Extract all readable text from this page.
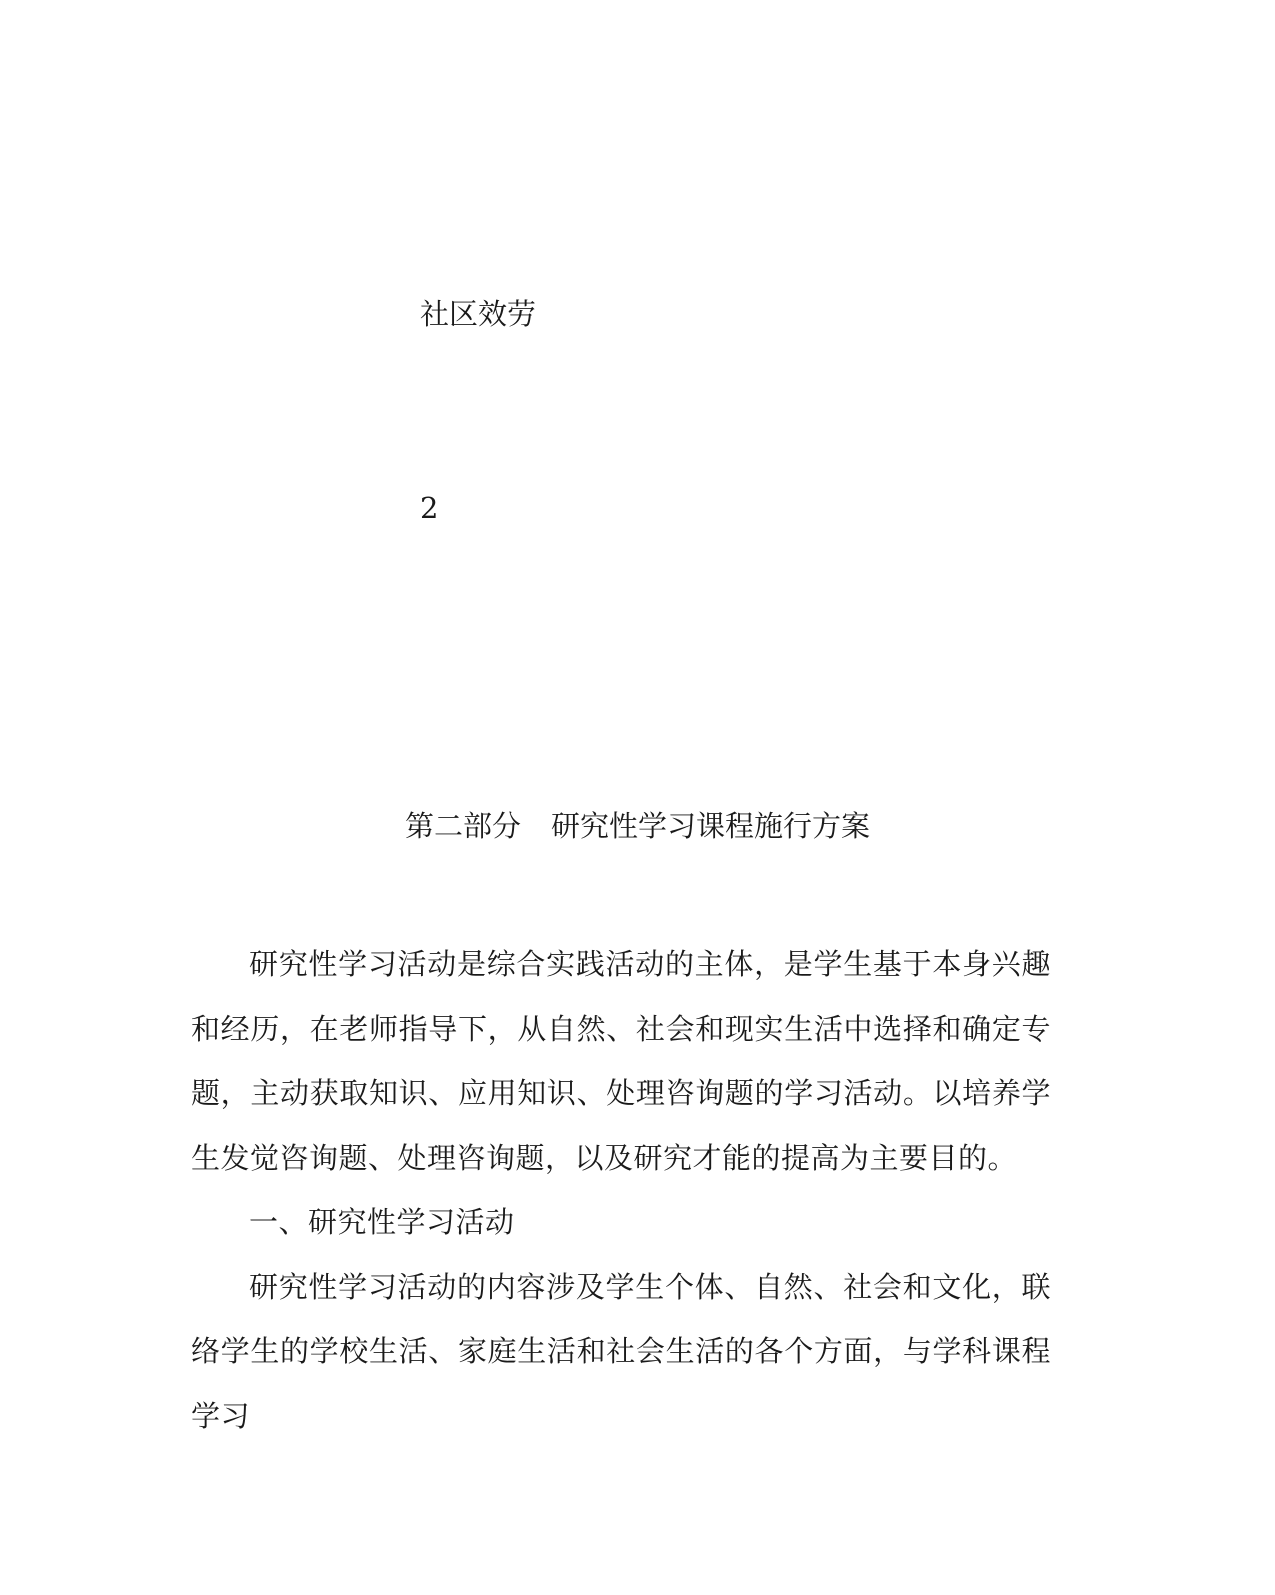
社区效劳
2
第二部分 研究性学习课程施行方案

研究性学习活动是综合实践活动的主体，是学生基于本身兴趣和经历，在老师指导下，从自然、社会和现实生活中选择和确定专题，主动获取知识、应用知识、处理咨询题的学习活动。以培养学生发觉咨询题、处理咨询题，以及研究才能的提高为主要目的。

一、研究性学习活动

研究性学习活动的内容涉及学生个体、自然、社会和文化，联络学生的学校生活、家庭生活和社会生活的各个方面，与学科课程学习
